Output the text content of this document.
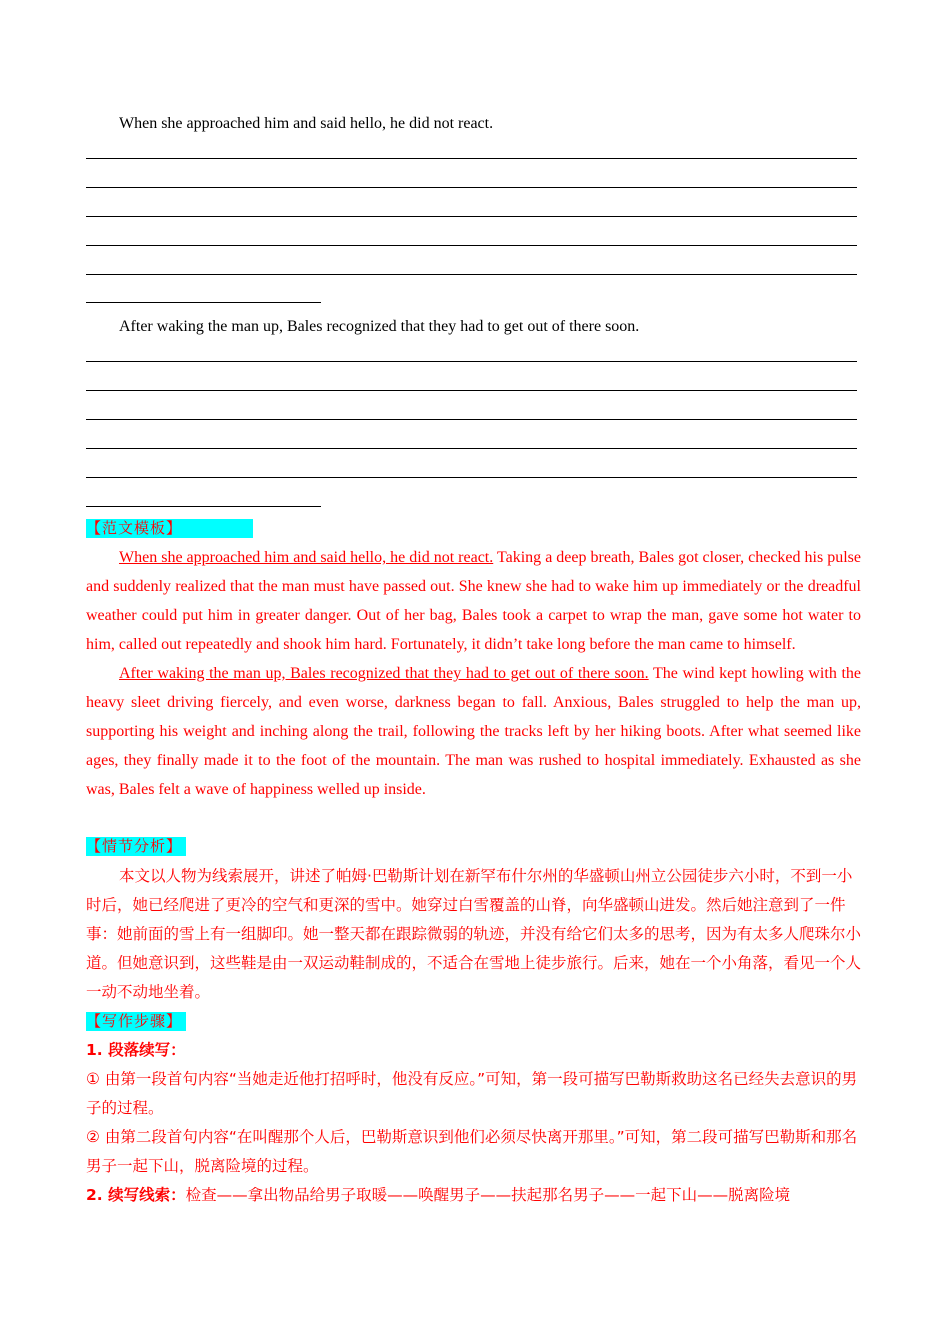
When she approached him and said hello, he did not react.
After waking the man up, Bales recognized that they had to get out of there soon.
【范文模板】

When she approached him and said hello, he did not react. Taking a deep breath, Bales got closer, checked his pulse and suddenly realized that the man must have passed out. She knew she had to wake him up immediately or the dreadful weather could put him in greater danger. Out of her bag, Bales took a carpet to wrap the man, gave some hot water to him, called out repeatedly and shook him hard. Fortunately, it didn’t take long before the man came to himself.

After waking the man up, Bales recognized that they had to get out of there soon. The wind kept howling with the heavy sleet driving fiercely, and even worse, darkness began to fall. Anxious, Bales struggled to help the man up, supporting his weight and inching along the trail, following the tracks left by her hiking boots. After what seemed like ages, they finally made it to the foot of the mountain. The man was rushed to hospital immediately. Exhausted as she was, Bales felt a wave of happiness welled up inside.

【情节分析】

本文以人物为线索展开，讲述了帕姆·巴勒斯计划在新罕布什尔州的华盛顿山州立公园徒步六小时，不到一小时后，她已经爬进了更冷的空气和更深的雪中。她穿过白雪覆盖的山脊，向华盛顿山进发。然后她注意到了一件事：她前面的雪上有一组脚印。她一整天都在跟踪微弱的轨迹，并没有给它们太多的思考，因为有太多人爬珠尔小道。但她意识到，这些鞋是由一双运动鞋制成的，不适合在雪地上徒步旅行。后来，她在一个小角落，看见一个人一动不动地坐着。

【写作步骤】

1. 段落续写：

① 由第一段首句内容“当她走近他打招呼时，他没有反应。”可知，第一段可描写巴勒斯救助这名已经失去意识的男子的过程。

② 由第二段首句内容“在叫醒那个人后，巴勒斯意识到他们必须尽快离开那里。”可知，第二段可描写巴勒斯和那名男子一起下山，脱离险境的过程。

2. 续写线索：检查——拿出物品给男子取暖——唤醒男子——扶起那名男子——一起下山——脱离险境
